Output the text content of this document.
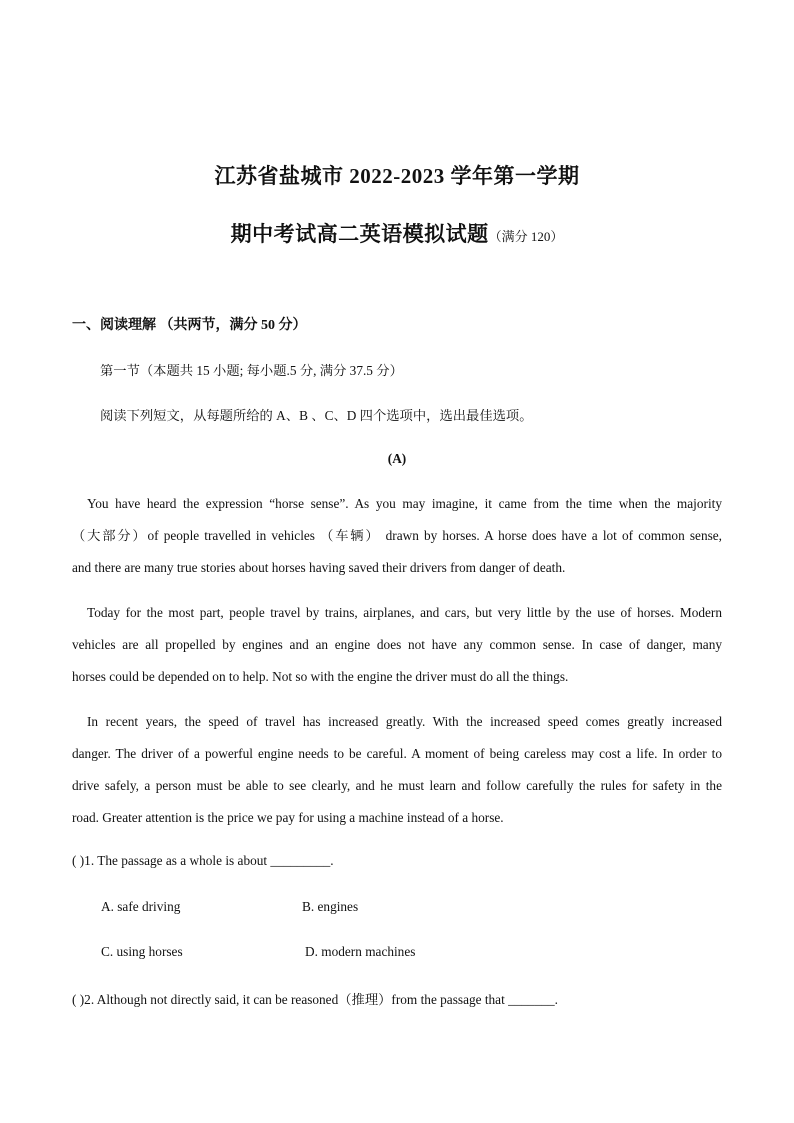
江苏省盐城市 2022-2023 学年第一学期
期中考试高二英语模拟试题（满分 120）
一、阅读理解 （共两节，满分 50 分）
第一节（本题共 15 小题; 每小题.5 分, 满分 37.5 分）
阅读下列短文，从每题所给的 A、B 、C、D 四个选项中，选出最佳选项。
(A)
You have heard the expression “horse sense”. As you may imagine, it came from the time when the majority
（大部分）of people travelled in vehicles （车辆） drawn by horses. A horse does have a lot of common sense,
and there are many true stories about horses having saved their drivers from danger of death.
Today for the most part, people travel by trains, airplanes, and cars, but very little by the use of horses. Modern
vehicles are all propelled by engines and an engine does not have any common sense. In case of danger, many
horses could be depended on to help. Not so with the engine the driver must do all the things.
In recent years, the speed of travel has increased greatly. With the increased speed comes greatly increased
danger. The driver of a powerful engine needs to be careful. A moment of being careless may cost a life. In order to
drive safely, a person must be able to see clearly, and he must learn and follow carefully the rules for safety in the
road. Greater attention is the price we pay for using a machine instead of a horse.
( )1. The passage as a whole is about _________.
A. safe driving	B. engines
C. using horses	D. modern machines
( )2. Although not directly said, it can be reasoned（推理）from the passage that _______.
